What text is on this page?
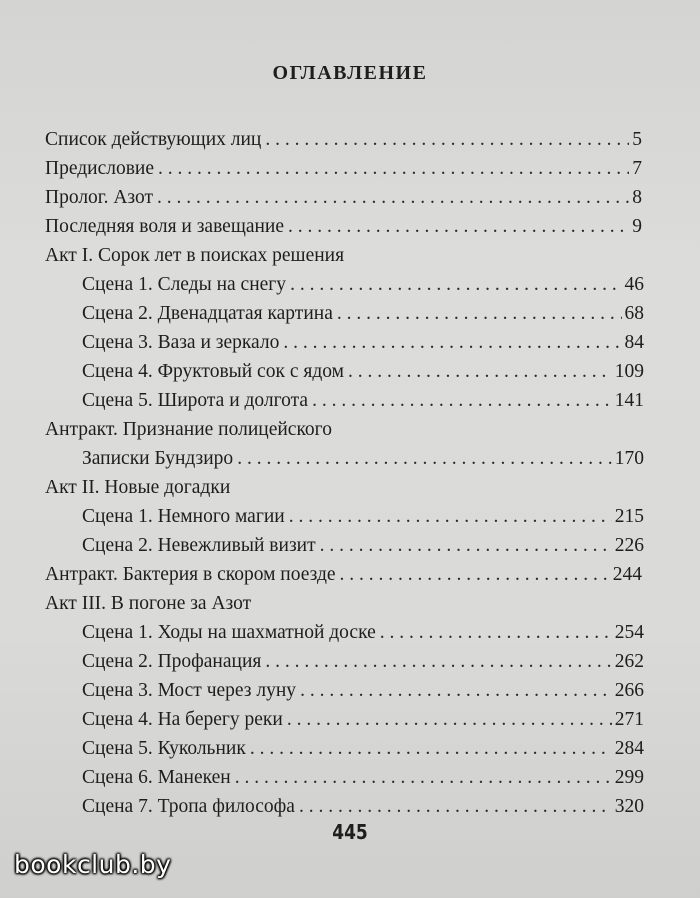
ОГЛАВЛЕНИЕ
Список действующих лиц . . .	5
Предисловие . . .	7
Пролог. Азот . . .	8
Последняя воля и завещание . . .	9
Акт I. Сорок лет в поисках решения
Сцена 1. Следы на снегу . . .	46
Сцена 2. Двенадцатая картина . . .	68
Сцена 3. Ваза и зеркало . . .	84
Сцена 4. Фруктовый сок с ядом . . .	109
Сцена 5. Широта и долгота . . .	141
Антракт. Признание полицейского
Записки Бундзиро . . .	170
Акт II. Новые догадки
Сцена 1. Немного магии . . .	215
Сцена 2. Невежливый визит . . .	226
Антракт. Бактерия в скором поезде . . .	244
Акт III. В погоне за Азот
Сцена 1. Ходы на шахматной доске . . .	254
Сцена 2. Профанация . . .	262
Сцена 3. Мост через луну . . .	266
Сцена 4. На берегу реки . . .	271
Сцена 5. Кукольник . . .	284
Сцена 6. Манекен . . .	299
Сцена 7. Тропа философа . . .	320
445
bookclub.by
